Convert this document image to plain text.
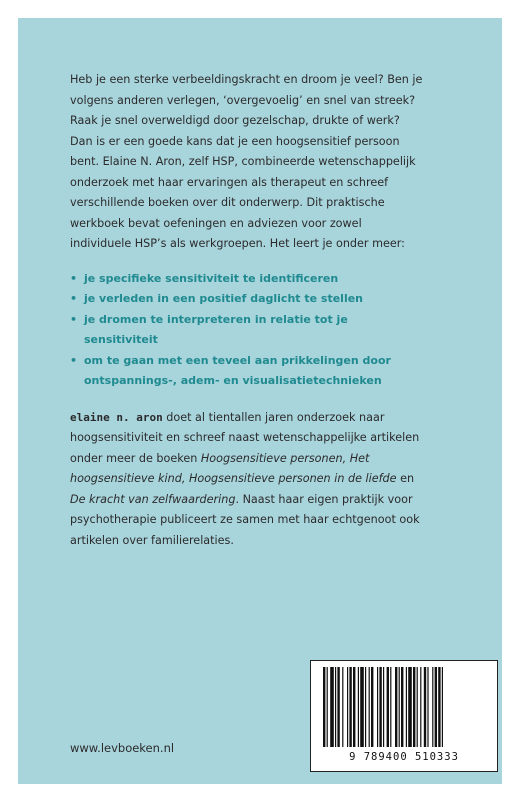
Heb je een sterke verbeeldingskracht en droom je veel? Ben je volgens anderen verlegen, ‘overgevoelig’ en snel van streek? Raak je snel overweldigd door gezelschap, drukte of werk? Dan is er een goede kans dat je een hoogsensitief persoon bent. Elaine N. Aron, zelf HSP, combineerde wetenschappelijk onderzoek met haar ervaringen als therapeut en schreef verschillende boeken over dit onderwerp. Dit praktische werkboek bevat oefeningen en adviezen voor zowel individuele HSP’s als werkgroepen. Het leert je onder meer:

• je specifieke sensitiviteit te identificeren
• je verleden in een positief daglicht te stellen
• je dromen te interpreteren in relatie tot je sensitiviteit
• om te gaan met een teveel aan prikkelingen door ontspannings-, adem- en visualisatietechnieken

elaine n. aron doet al tientallen jaren onderzoek naar hoogsensitiviteit en schreef naast wetenschappelijke artikelen onder meer de boeken Hoogsensitieve personen, Het hoogsensitieve kind, Hoogsensitieve personen in de liefde en De kracht van zelfwaardering. Naast haar eigen praktijk voor psychotherapie publiceert ze samen met haar echtgenoot ook artikelen over familierelaties.

9 789400 510333
www.levboeken.nl
